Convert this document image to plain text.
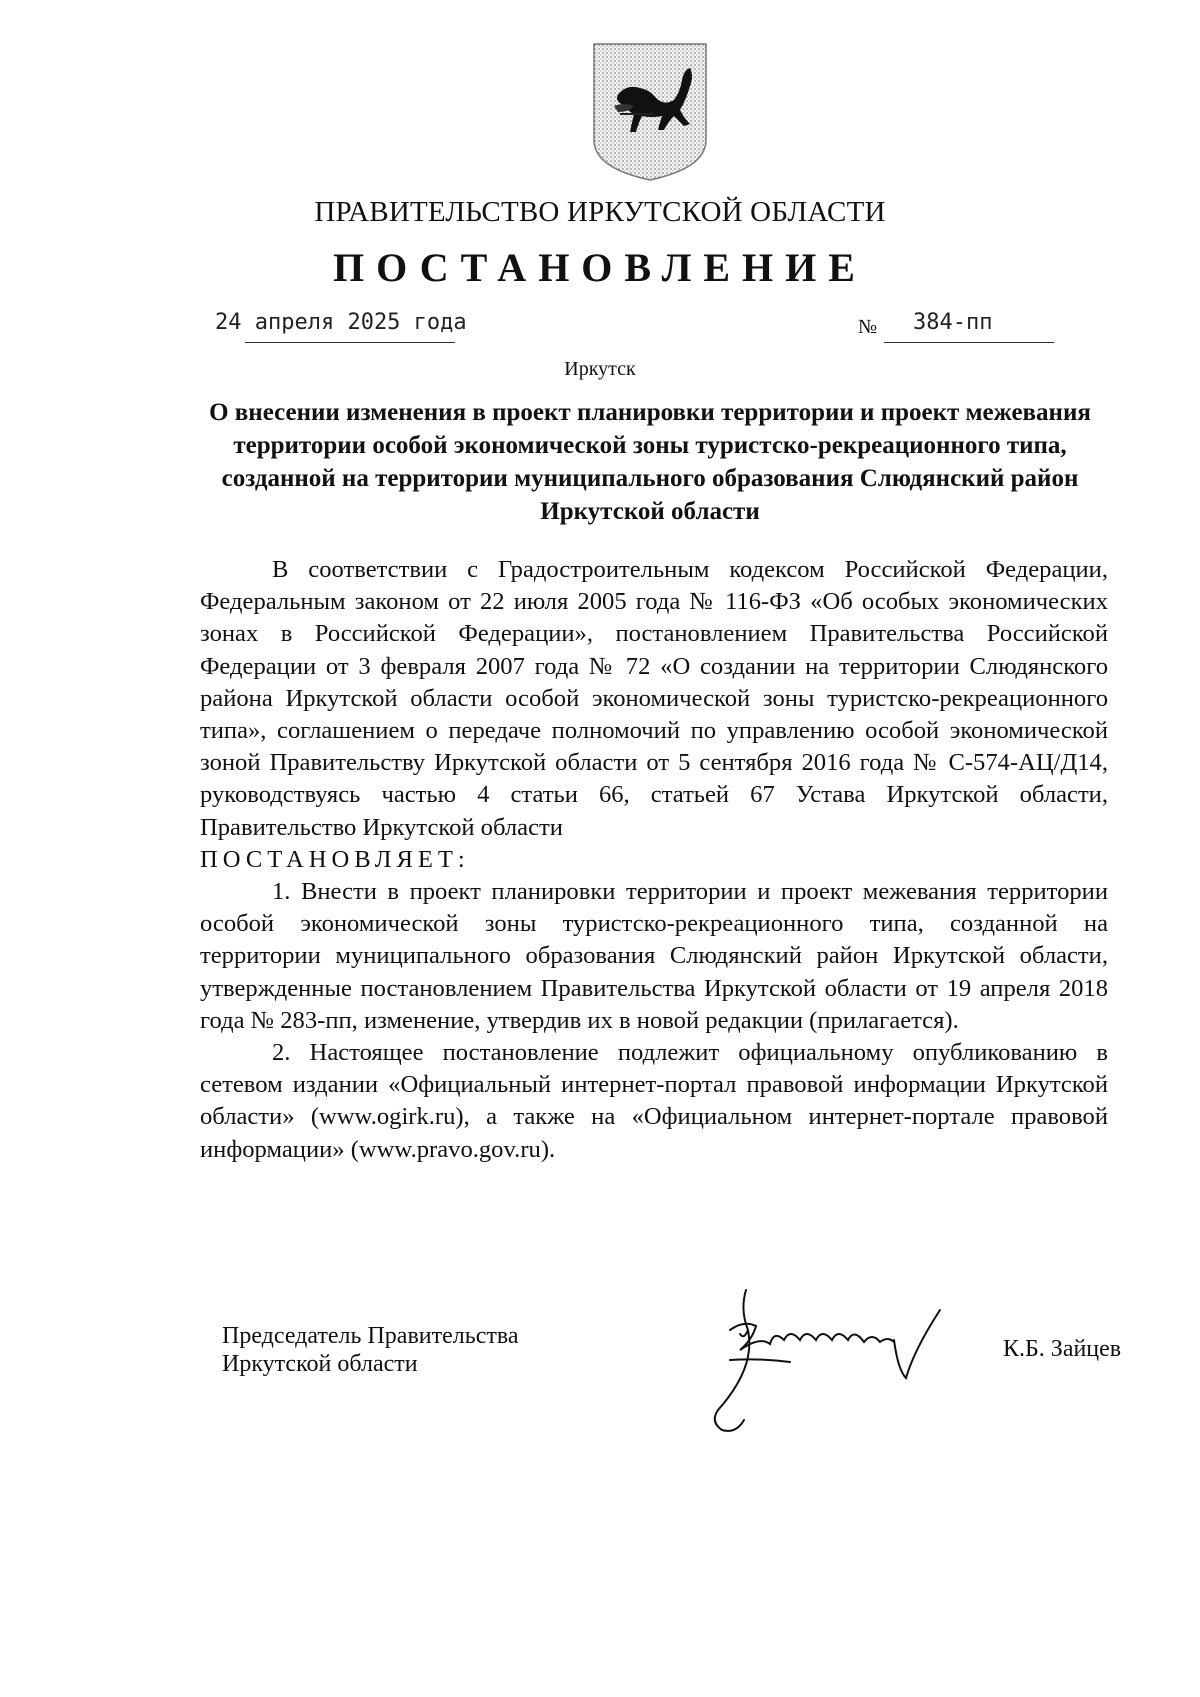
ПРАВИТЕЛЬСТВО ИРКУТСКОЙ ОБЛАСТИ
ПОСТАНОВЛЕНИЕ
24 апреля 2025 года	№ 384-пп
Иркутск
О внесении изменения в проект планировки территории и проект межевания территории особой экономической зоны туристско-рекреационного типа, созданной на территории муниципального образования Слюдянский район Иркутской области

В соответствии с Градостроительным кодексом Российской Федерации, Федеральным законом от 22 июля 2005 года № 116-ФЗ «Об особых экономических зонах в Российской Федерации», постановлением Правительства Российской Федерации от 3 февраля 2007 года № 72 «О создании на территории Слюдянского района Иркутской области особой экономической зоны туристско-рекреационного типа», соглашением о передаче полномочий по управлению особой экономической зоной Правительству Иркутской области от 5 сентября 2016 года № С-574-АЦ/Д14, руководствуясь частью 4 статьи 66, статьей 67 Устава Иркутской области, Правительство Иркутской области

ПОСТАНОВЛЯЕТ:

1. Внести в проект планировки территории и проект межевания территории особой экономической зоны туристско-рекреационного типа, созданной на территории муниципального образования Слюдянский район Иркутской области, утвержденные постановлением Правительства Иркутской области от 19 апреля 2018 года № 283-пп, изменение, утвердив их в новой редакции (прилагается).

2. Настоящее постановление подлежит официальному опубликованию в сетевом издании «Официальный интернет-портал правовой информации Иркутской области» (www.ogirk.ru), а также на «Официальном интернет-портале правовой информации» (www.pravo.gov.ru).

Председатель Правительства
Иркутской области
К.Б. Зайцев
